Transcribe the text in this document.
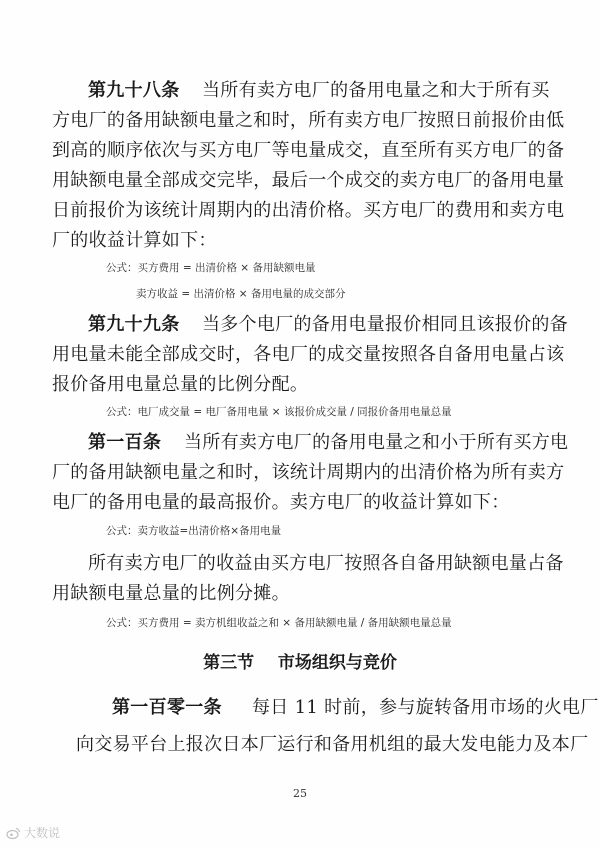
第九十八条 当所有卖方电厂的备用电量之和大于所有买
方电厂的备用缺额电量之和时，所有卖方电厂按照日前报价由低
到高的顺序依次与买方电厂等电量成交，直至所有买方电厂的备
用缺额电量全部成交完毕，最后一个成交的卖方电厂的备用电量
日前报价为该统计周期内的出清价格。买方电厂的费用和卖方电
厂的收益计算如下：
公式：买方费用 = 出清价格 × 备用缺额电量
卖方收益 = 出清价格 × 备用电量的成交部分
第九十九条 当多个电厂的备用电量报价相同且该报价的备
用电量未能全部成交时，各电厂的成交量按照各自备用电量占该
报价备用电量总量的比例分配。
公式：电厂成交量 = 电厂备用电量 × 该报价成交量 / 同报价备用电量总量
第一百条 当所有卖方电厂的备用电量之和小于所有买方电
厂的备用缺额电量之和时，该统计周期内的出清价格为所有卖方
电厂的备用电量的最高报价。卖方电厂的收益计算如下：
公式：卖方收益=出清价格×备用电量
所有卖方电厂的收益由买方电厂按照各自备用缺额电量占备
用缺额电量总量的比例分摊。
公式：买方费用 = 卖方机组收益之和 × 备用缺额电量 / 备用缺额电量总量
第三节    市场组织与竞价
25
大数说
第一百零一条 每日 11 时前，参与旋转备用市场的火电厂
向交易平台上报次日本厂运行和备用机组的最大发电能力及本厂
